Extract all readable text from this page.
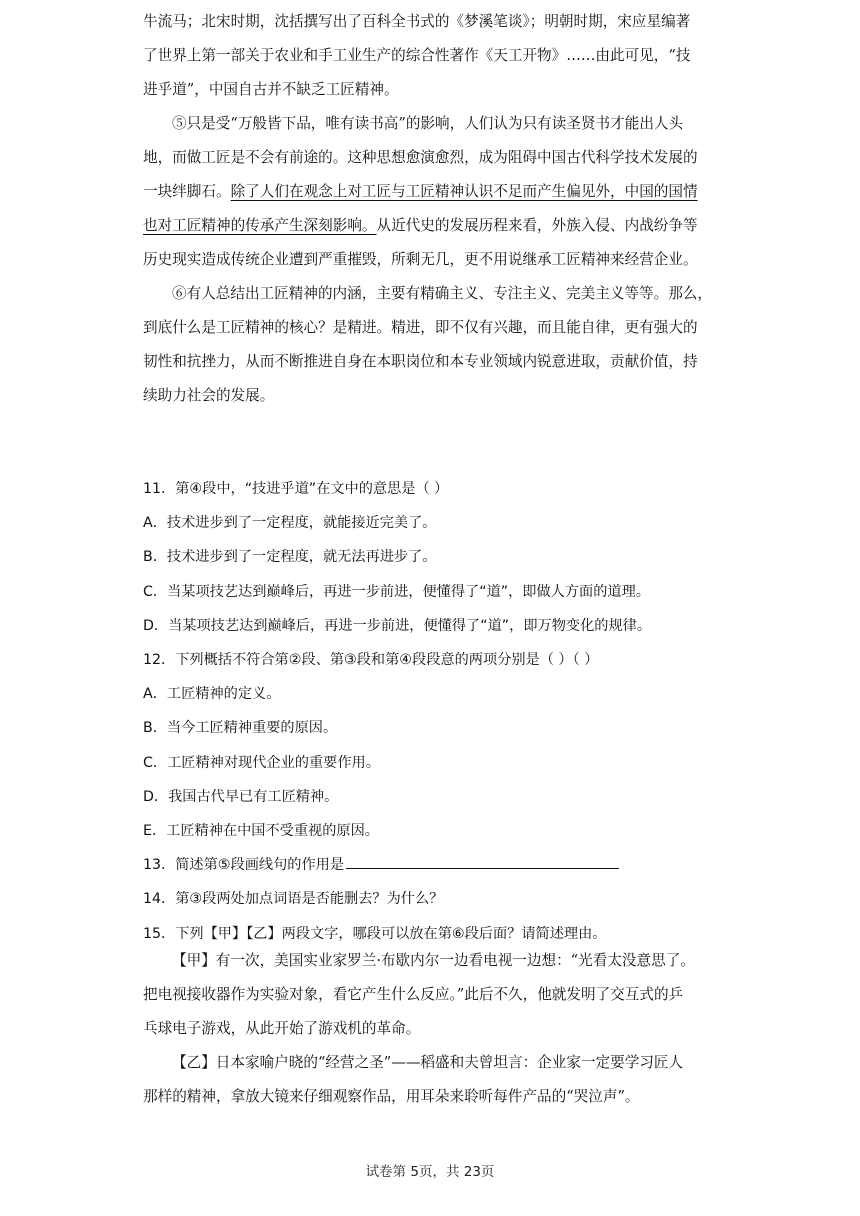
牛流马；北宋时期，沈括撰写出了百科全书式的《梦溪笔谈》；明朝时期，宋应星编著

了世界上第一部关于农业和手工业生产的综合性著作《天工开物》……由此可见，“技

进乎道”，中国自古并不缺乏工匠精神。

⑤只是受“万般皆下品，唯有读书高”的影响，人们认为只有读圣贤书才能出人头

地，而做工匠是不会有前途的。这种思想愈演愈烈，成为阻碍中国古代科学技术发展的

一块绊脚石。除了人们在观念上对工匠与工匠精神认识不足而产生偏见外，中国的国情

也对工匠精神的传承产生深刻影响。从近代史的发展历程来看，外族入侵、内战纷争等

历史现实造成传统企业遭到严重摧毁，所剩无几，更不用说继承工匠精神来经营企业。

⑥有人总结出工匠精神的内涵，主要有精确主义、专注主义、完美主义等等。那么，

到底什么是工匠精神的核心？是精进。精进，即不仅有兴趣，而且能自律，更有强大的

韧性和抗挫力，从而不断推进自身在本职岗位和本专业领域内锐意进取，贡献价值，持

续助力社会的发展。

11．第④段中，“技进乎道”在文中的意思是（ ）

A．技术进步到了一定程度，就能接近完美了。

B．技术进步到了一定程度，就无法再进步了。

C．当某项技艺达到巅峰后，再进一步前进，便懂得了“道”，即做人方面的道理。

D．当某项技艺达到巅峰后，再进一步前进，便懂得了“道”，即万物变化的规律。

12．下列概括不符合第②段、第③段和第④段段意的两项分别是（ ）（ ）

A．工匠精神的定义。

B．当今工匠精神重要的原因。

C．工匠精神对现代企业的重要作用。

D．我国古代早已有工匠精神。

E．工匠精神在中国不受重视的原因。

13．简述第⑤段画线句的作用是

14．第③段两处加点词语是否能删去？为什么？

15．下列【甲】【乙】两段文字，哪段可以放在第⑥段后面？请简述理由。

【甲】有一次，美国实业家罗兰·布歇内尔一边看电视一边想：“光看太没意思了。

把电视接收器作为实验对象，看它产生什么反应。”此后不久，他就发明了交互式的乒

乓球电子游戏，从此开始了游戏机的革命。

【乙】日本家喻户晓的“经营之圣”——稻盛和夫曾坦言：企业家一定要学习匠人

那样的精神，拿放大镜来仔细观察作品，用耳朵来聆听每件产品的“哭泣声”。

试卷第 5页，共 23页
